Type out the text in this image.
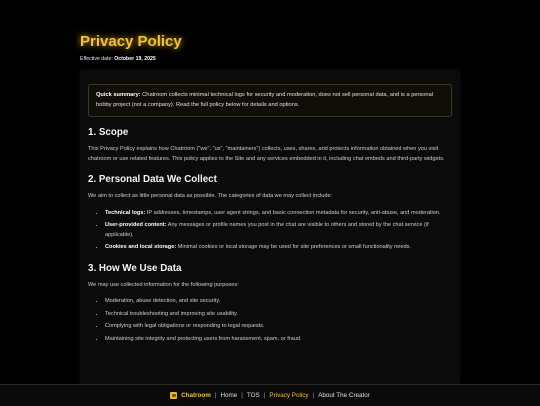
Privacy Policy
Effective date: October 19, 2025
Quick summary: Chatroom collects minimal technical logs for security and moderation, does not sell personal data, and is a personal hobby project (not a company). Read the full policy below for details and options.
1. Scope

This Privacy Policy explains how Chatroom ("we", "us", "maintainers") collects, uses, shares, and protects information obtained when you visit chatroom or use related features. This policy applies to the Site and any services embedded in it, including chat embeds and third-party widgets.

2. Personal Data We Collect

We aim to collect as little personal data as possible. The categories of data we may collect include:

• Technical logs: IP addresses, timestamps, user agent strings, and basic connection metadata for security, anti-abuse, and moderation.
• User-provided content: Any messages or profile names you post in the chat are visible to others and stored by the chat service (if applicable).
• Cookies and local storage: Minimal cookies or local storage may be used for site preferences or small functionality needs.
3. How We Use Data

We may use collected information for the following purposes:

• Moderation, abuse detection, and site security.
• Technical troubleshooting and improving site usability.
• Complying with legal obligations or responding to legal requests.
• Maintaining site integrity and protecting users from harassment, spam, or fraud.
Chatroom | Home | TOS | Privacy Policy | About The Creator
